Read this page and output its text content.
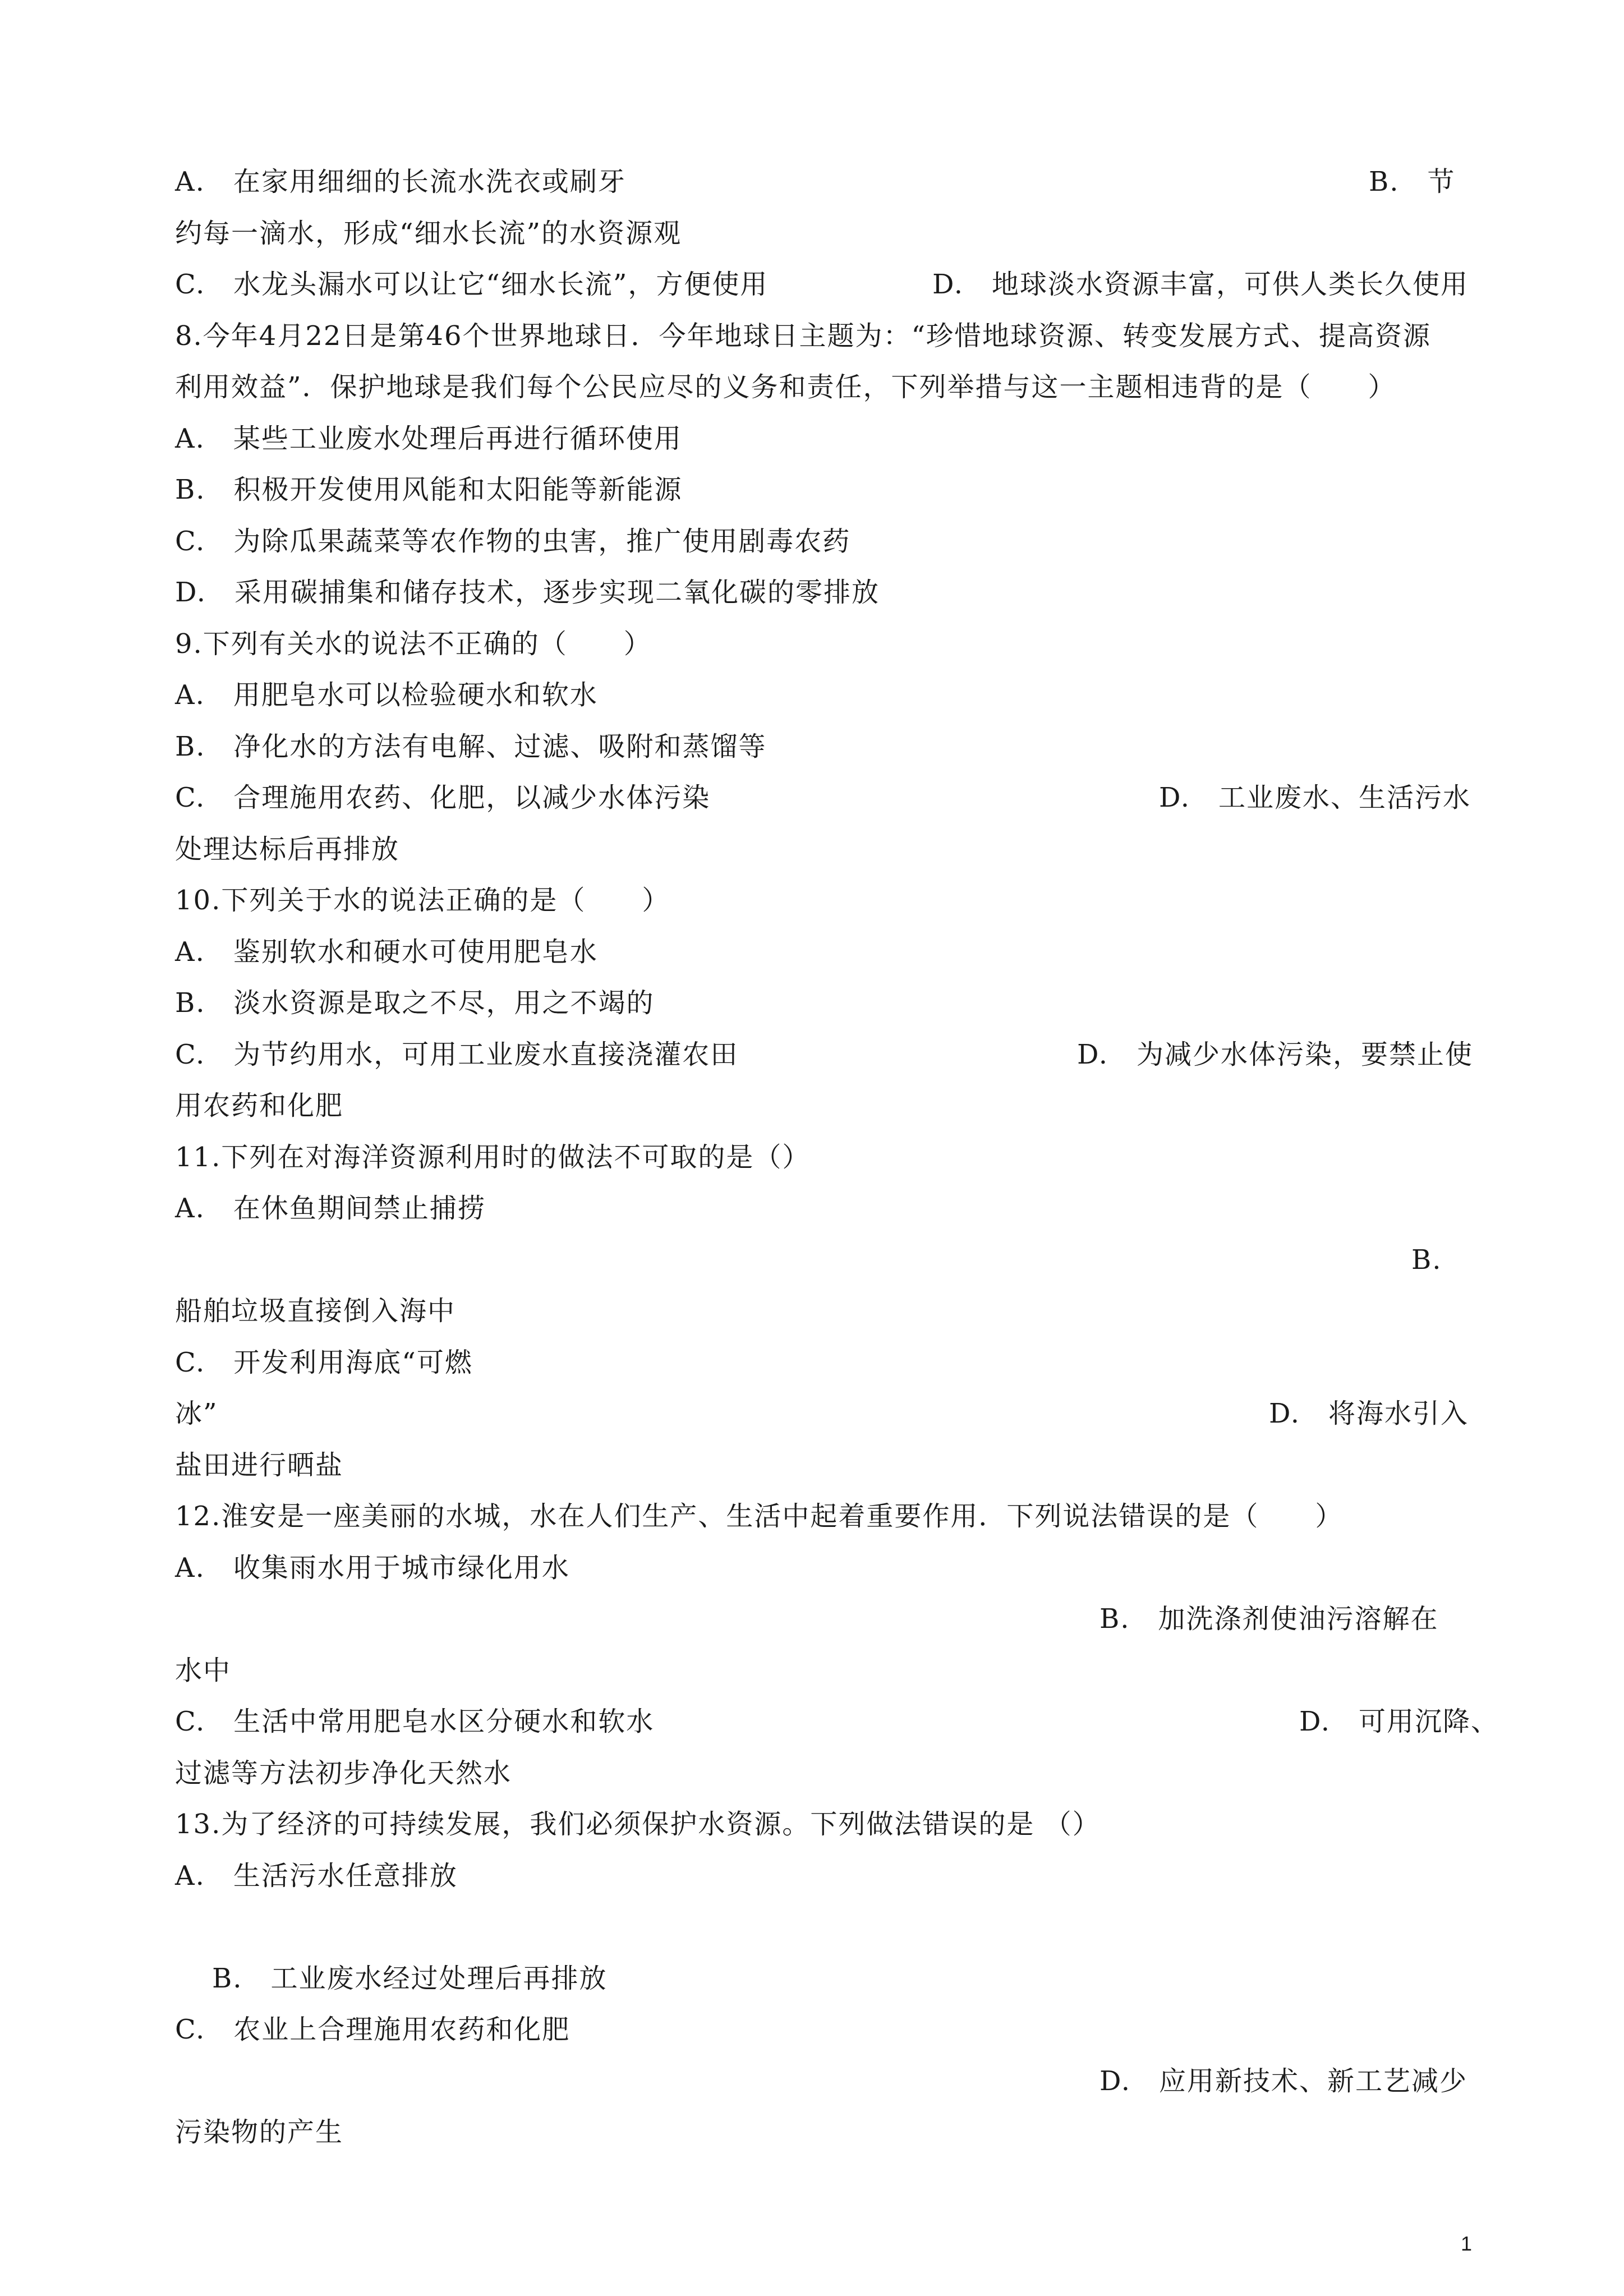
A.　在家用细细的长流水洗衣或刷牙	B.　节

约每一滴水，形成“细水长流”的水资源观

C.　水龙头漏水可以让它“细水长流”，方便使用	D.　地球淡水资源丰富，可供人类长久使用

8.今年4月22日是第46个世界地球日．今年地球日主题为：“珍惜地球资源、转变发展方式、提高资源

利用效益”．保护地球是我们每个公民应尽的义务和责任，下列举措与这一主题相违背的是（　　）

A.　某些工业废水处理后再进行循环使用

B.　积极开发使用风能和太阳能等新能源

C.　为除瓜果蔬菜等农作物的虫害，推广使用剧毒农药

D.　采用碳捕集和储存技术，逐步实现二氧化碳的零排放

9.下列有关水的说法不正确的（　　）

A.　用肥皂水可以检验硬水和软水

B.　净化水的方法有电解、过滤、吸附和蒸馏等

C.　合理施用农药、化肥，以减少水体污染	D.　工业废水、生活污水

处理达标后再排放

10.下列关于水的说法正确的是（　　）

A.　鉴别软水和硬水可使用肥皂水

B.　淡水资源是取之不尽，用之不竭的

C.　为节约用水，可用工业废水直接浇灌农田	D.　为减少水体污染，要禁止使

用农药和化肥

11.下列在对海洋资源利用时的做法不可取的是（）

A.　在休鱼期间禁止捕捞

B.

船舶垃圾直接倒入海中

C.　开发利用海底“可燃

冰”	D.　将海水引入

盐田进行晒盐

12.淮安是一座美丽的水城，水在人们生产、生活中起着重要作用．下列说法错误的是（　　）

A.　收集雨水用于城市绿化用水

B.　加洗涤剂使油污溶解在

水中

C.　生活中常用肥皂水区分硬水和软水	D.　可用沉降、

过滤等方法初步净化天然水

13.为了经济的可持续发展，我们必须保护水资源。下列做法错误的是 （）

A.　生活污水任意排放

B.　工业废水经过处理后再排放

C.　农业上合理施用农药和化肥

D.　应用新技术、新工艺减少

污染物的产生

1
